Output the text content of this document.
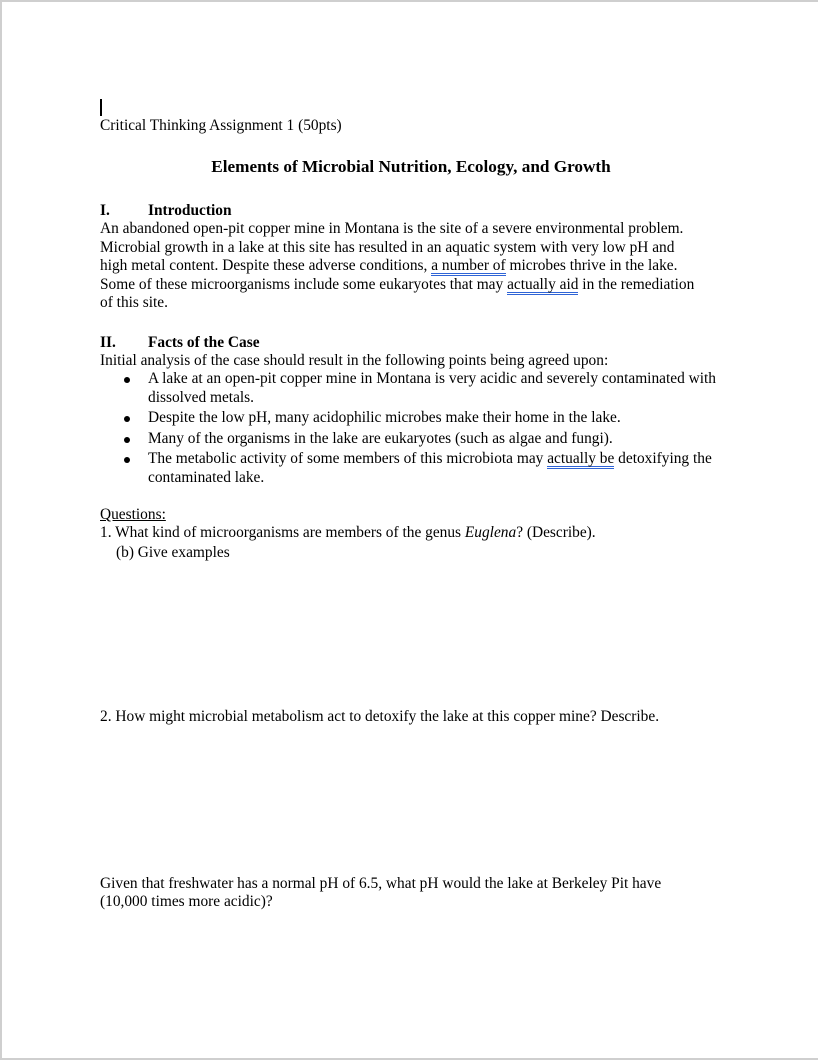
Critical Thinking Assignment 1 (50pts)
Elements of Microbial Nutrition, Ecology, and Growth
I. Introduction
An abandoned open-pit copper mine in Montana is the site of a severe environmental problem.
Microbial growth in a lake at this site has resulted in an aquatic system with very low pH and
high metal content. Despite these adverse conditions, a number of microbes thrive in the lake.
Some of these microorganisms include some eukaryotes that may actually aid in the remediation
of this site.
II. Facts of the Case
Initial analysis of the case should result in the following points being agreed upon:
A lake at an open-pit copper mine in Montana is very acidic and severely contaminated with dissolved metals.
Despite the low pH, many acidophilic microbes make their home in the lake.
Many of the organisms in the lake are eukaryotes (such as algae and fungi).
The metabolic activity of some members of this microbiota may actually be detoxifying the contaminated lake.
Questions:
1. What kind of microorganisms are members of the genus Euglena? (Describe).
(b) Give examples
2. How might microbial metabolism act to detoxify the lake at this copper mine? Describe.
Given that freshwater has a normal pH of 6.5, what pH would the lake at Berkeley Pit have
(10,000 times more acidic)?
